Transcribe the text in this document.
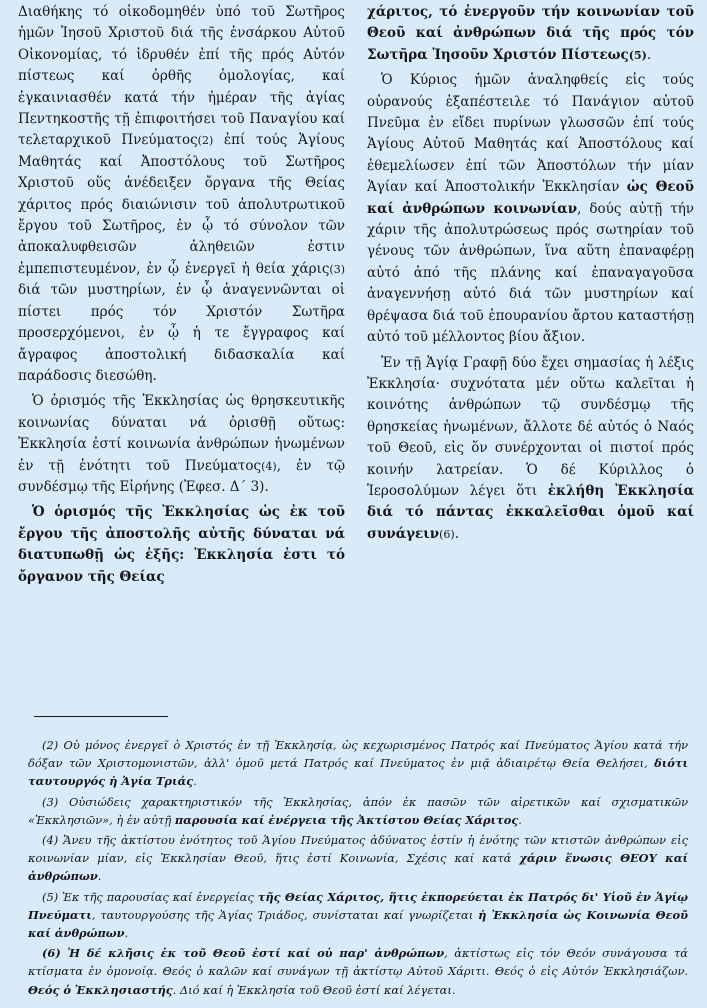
Διαθήκης τό οἰκοδομηθέν ὑπό τοῦ Σωτῆρος ἡμῶν Ἰησοῦ Χριστοῦ διά τῆς ἐνσάρκου Αὐτοῦ Οἰκονομίας, τό ἱδρυθέν ἐπί τῆς πρός Αὐτόν πίστεως καί ὀρθῆς ὁμολογίας, καί ἐγκαινιασθέν κατά τήν ἡμέραν τῆς ἁγίας Πεντηκοστῆς τῇ ἐπιφοιτήσει τοῦ Παναγίου καί τελεταρχικοῦ Πνεύματος(2) ἐπί τούς Ἁγίους Μαθητάς καί Ἀποστόλους τοῦ Σωτῆρος Χριστοῦ οὕς ἀνέδειξεν ὄργανα τῆς Θείας χάριτος πρός διαιώνισιν τοῦ ἀπολυτρωτικοῦ ἔργου τοῦ Σωτῆρος, ἐν ᾧ τό σύνολον τῶν ἀποκαλυφθεισῶν ἀληθειῶν ἐστιν ἐμπεπιστευμένον, ἐν ᾧ ἐνεργεῖ ἡ θεία χάρις(3) διά τῶν μυστηρίων, ἐν ᾧ ἀναγεννῶνται οἱ πίστει πρός τόν Χριστόν Σωτῆρα προσερχόμενοι, ἐν ᾧ ἡ τε ἔγγραφος καί ἄγραφος ἀποστολική διδασκαλία καί παράδοσις διεσώθη.

Ὁ ὁρισμός τῆς Ἐκκλησίας ὡς θρησκευτικῆς κοινωνίας δύναται νά ὁρισθῇ οὕτως: Ἐκκλησία ἐστί κοινωνία ἀνθρώπων ἡνωμένων ἐν τῇ ἑνότητι τοῦ Πνεύματος(4), ἐν τῷ συνδέσμῳ τῆς Εἰρήνης (Ἐφεσ. Δ΄ 3).

Ὁ ὁρισμός τῆς Ἐκκλησίας ὡς ἐκ τοῦ ἔργου τῆς ἀποστολῆς αὐτῆς δύναται νά διατυπωθῇ ὡς ἑξῆς: Ἐκκλησία ἐστι τό ὄργανον τῆς Θείας

χάριτος, τό ἐνεργοῦν τήν κοινωνίαν τοῦ Θεοῦ καί ἀνθρώπων διά τῆς πρός τόν Σωτῆρα Ἰησοῦν Χριστόν Πίστεως(5).

Ὁ Κύριος ἡμῶν ἀναληφθείς εἰς τούς οὐρανούς ἐξαπέστειλε τό Πανάγιον αὐτοῦ Πνεῦμα ἐν εἴδει πυρίνων γλωσσῶν ἐπί τούς Ἁγίους Αὐτοῦ Μαθητάς καί Ἀποστόλους καί ἐθεμελίωσεν ἐπί τῶν Ἀποστόλων τήν μίαν Ἁγίαν καί Ἀποστολικήν Ἐκκλησίαν ὡς Θεοῦ καί ἀνθρώπων κοινωνίαν, δούς αὐτῇ τήν χάριν τῆς ἀπολυτρώσεως πρός σωτηρίαν τοῦ γένους τῶν ἀνθρώπων, ἵνα αὕτη ἐπαναφέρῃ αὐτό ἀπό τῆς πλάνης καί ἐπαναγαγοῦσα ἀναγεννήσῃ αὐτό διά τῶν μυστηρίων καί θρέψασα διά τοῦ ἐπουρανίου ἄρτου καταστήσῃ αὐτό τοῦ μέλλοντος βίου ἄξιον.

Ἐν τῇ Ἁγίᾳ Γραφῇ δύο ἔχει σημασίας ἡ λέξις Ἐκκλησία· συχνότατα μέν οὕτω καλεῖται ἡ κοινότης ἀνθρώπων τῷ συνδέσμῳ τῆς θρησκείας ἡνωμένων, ἄλλοτε δέ αὐτός ὁ Ναός τοῦ Θεοῦ, εἰς ὅν συνέρχονται οἱ πιστοί πρός κοινήν λατρείαν. Ὁ δέ Κύριλλος ὁ Ἱεροσολύμων λέγει ὅτι ἐκλήθη Ἐκκλησία διά τό πάντας ἐκκαλεῖσθαι ὁμοῦ καί συνάγειν(6).

(2) Οὐ μόνος ἐνεργεῖ ὁ Χριστός ἐν τῇ Ἐκκλησίᾳ, ὡς κεχωρισμένος Πατρός καί Πνεύματος Ἁγίου κατά τήν δόξαν τῶν Χριστομονιστῶν, ἀλλ' ὁμοῦ μετά Πατρός καί Πνεύματος ἐν μιᾷ ἀδιαιρέτῳ Θεία Θελήσει, διότι ταυτουργός ἡ Ἁγία Τριάς.

(3) Οὐσιώδεις χαρακτηριστικόν τῆς Ἐκκλησίας, ἀπόν ἐκ πασῶν τῶν αἱρετικῶν καί σχισματικῶν «Ἐκκλησιῶν», ἡ ἐν αὐτῇ παρουσία καί ἐνέργεια τῆς Ἀκτίστου Θείας Χάριτος.

(4) Ἄνευ τῆς ἀκτίστου ἑνότητος τοῦ Ἁγίου Πνεύματος ἀδύνατος ἐστίν ἡ ἑνότης τῶν κτιστῶν ἀνθρώπων εἰς κοινωνίαν μίαν, εἰς Ἐκκλησίαν Θεοῦ, ἥτις ἐστί Κοινωνία, Σχέσις καί κατά χάριν ἕνωσις ΘΕΟΥ καί ἀνθρώπων.

(5) Ἐκ τῆς παρουσίας καί ἐνεργείας τῆς Θείας Χάριτος, ἥτις ἐκπορεύεται ἐκ Πατρός δι' Υἱοῦ ἐν Ἁγίῳ Πνεύματι, ταυτουργούσης τῆς Ἁγίας Τριάδος, συνίσταται καί γνωρίζεται ἡ Ἐκκλησία ὡς Κοινωνία Θεοῦ καί ἀνθρώπων.

(6) Ἡ δέ κλῆσις ἐκ τοῦ Θεοῦ ἐστί καί οὐ παρ' ἀνθρώπων, ἀκτίστως εἰς τόν Θεόν συνάγουσα τά κτίσματα ἐν ὁμονοίᾳ. Θεός ὁ καλῶν καί συνάγων τῇ ἀκτίστῳ Αὐτοῦ Χάριτι. Θεός ὁ εἰς Αὐτόν Ἐκκλησιάζων. Θεός ὁ Ἐκκλησιαστής. Διό καί ἡ Ἐκκλησία τοῦ Θεοῦ ἐστί καί λέγεται.
